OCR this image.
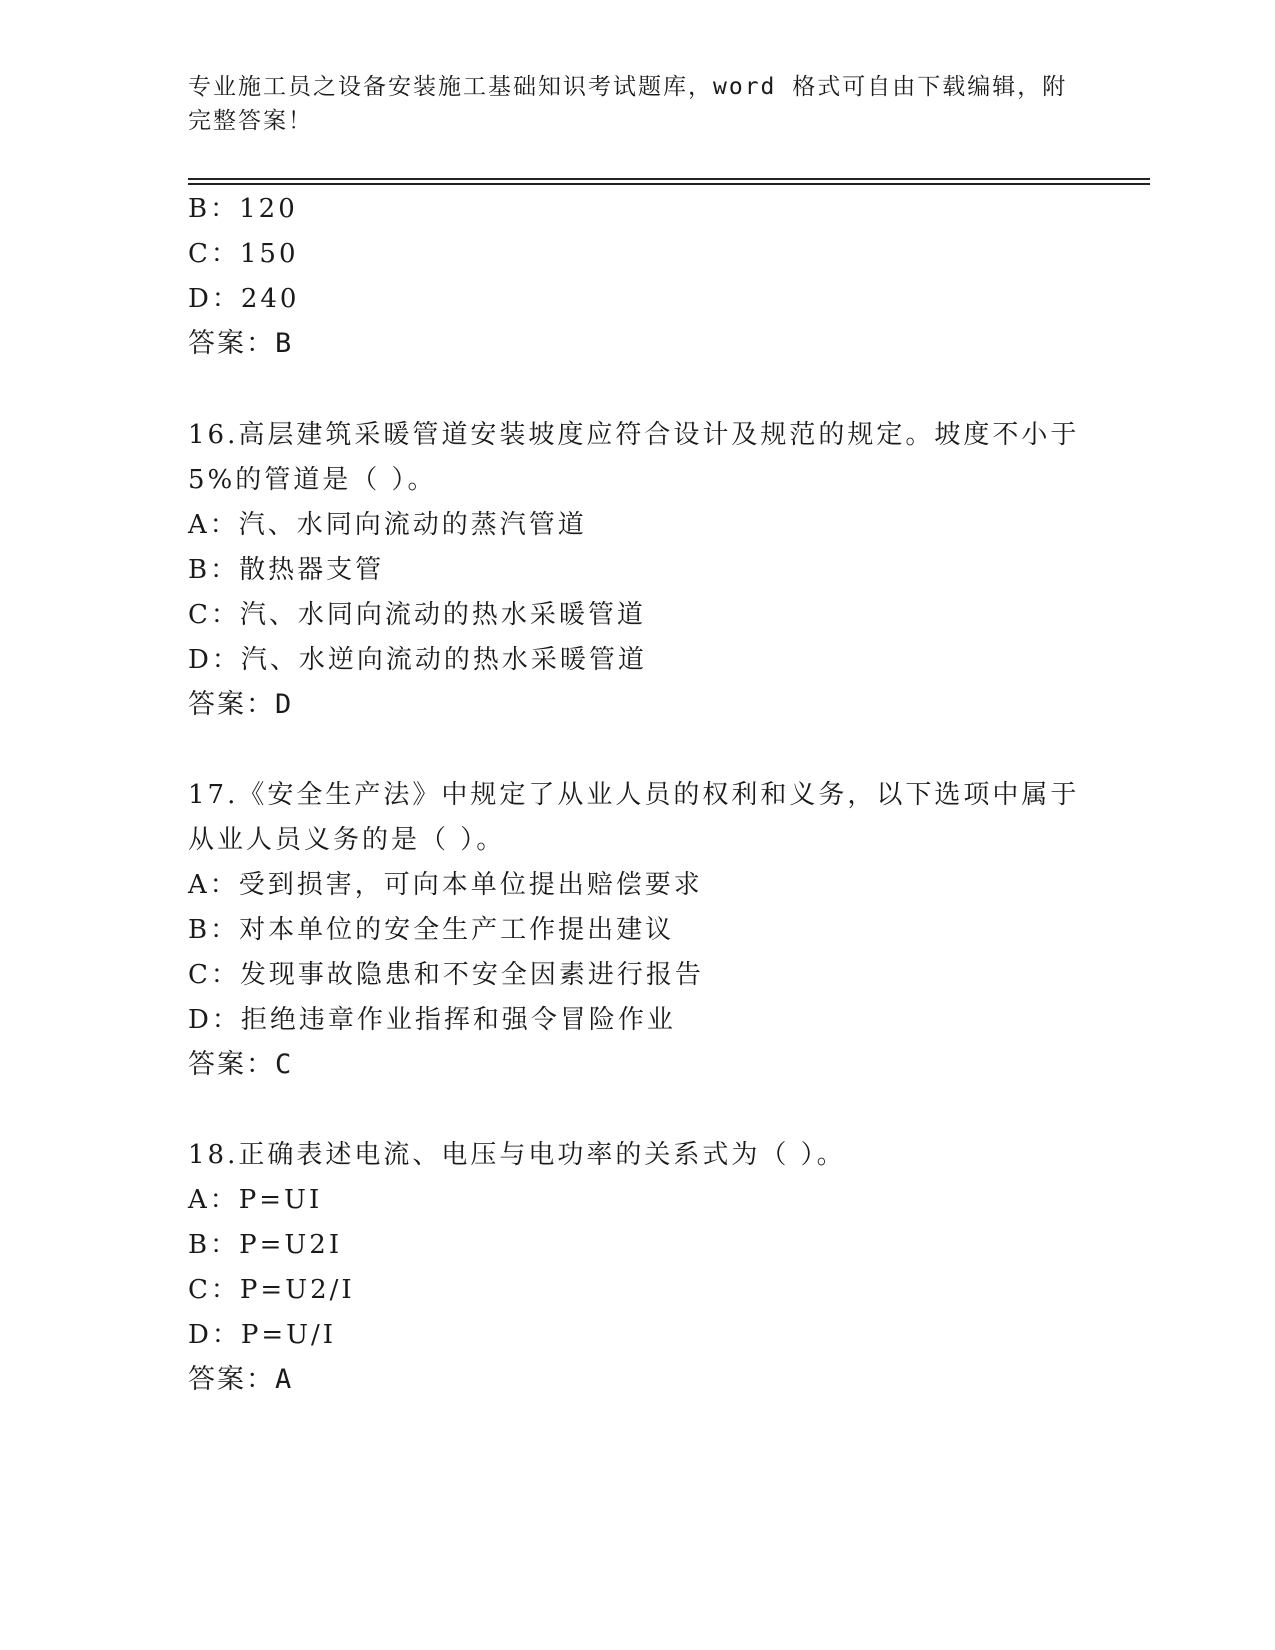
专业施工员之设备安装施工基础知识考试题库，word 格式可自由下载编辑，附完整答案！
B：120
C：150
D：240
答案：B
16.高层建筑采暖管道安装坡度应符合设计及规范的规定。坡度不小于
5%的管道是（ ）。
A：汽、水同向流动的蒸汽管道
B：散热器支管
C：汽、水同向流动的热水采暖管道
D：汽、水逆向流动的热水采暖管道
答案：D
17.《安全生产法》中规定了从业人员的权利和义务，以下选项中属于
从业人员义务的是（ ）。
A：受到损害，可向本单位提出赔偿要求
B：对本单位的安全生产工作提出建议
C：发现事故隐患和不安全因素进行报告
D：拒绝违章作业指挥和强令冒险作业
答案：C
18.正确表述电流、电压与电功率的关系式为（ ）。
A：P=UI
B：P=U2I
C：P=U2/I
D：P=U/I
答案：A
